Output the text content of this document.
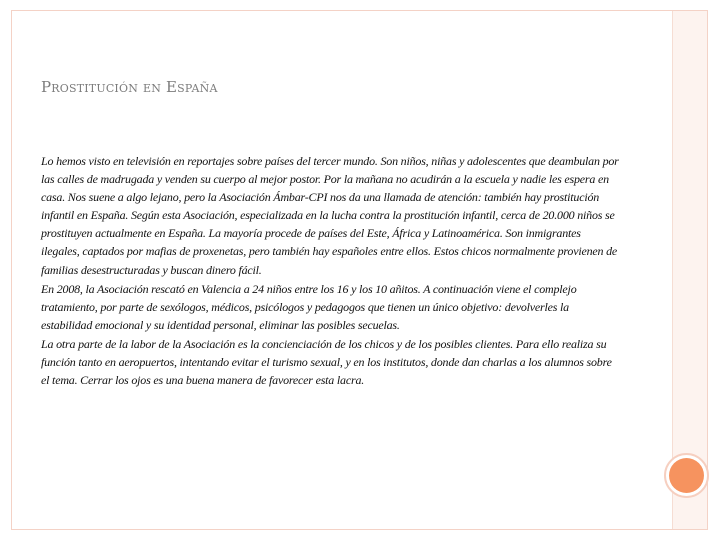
Prostitución en España

Lo hemos visto en televisión en reportajes sobre países del tercer mundo. Son niños, niñas y adolescentes que deambulan por las calles de madrugada y venden su cuerpo al mejor postor. Por la mañana no acudirán a la escuela y nadie les espera en casa. Nos suene a algo lejano, pero la Asociación Ámbar-CPI nos da una llamada de atención: también hay prostitución infantil en España. Según esta Asociación, especializada en la lucha contra la prostitución infantil, cerca de 20.000 niños se prostituyen actualmente en España. La mayoría procede de países del Este, África y Latinoamérica. Son inmigrantes ilegales, captados por mafias de proxenetas, pero también hay españoles entre ellos. Estos chicos normalmente provienen de familias desestructuradas y buscan dinero fácil.

En 2008, la Asociación rescató en Valencia a 24 niños entre los 16 y los 10 añitos. A continuación viene el complejo tratamiento, por parte de sexólogos, médicos, psicólogos y pedagogos que tienen un único objetivo: devolverles la estabilidad emocional y su identidad personal, eliminar las posibles secuelas.

La otra parte de la labor de la Asociación es la concienciación de los chicos y de los posibles clientes. Para ello realiza su función tanto en aeropuertos, intentando evitar el turismo sexual, y en los institutos, donde dan charlas a los alumnos sobre el tema. Cerrar los ojos es una buena manera de favorecer esta lacra.
